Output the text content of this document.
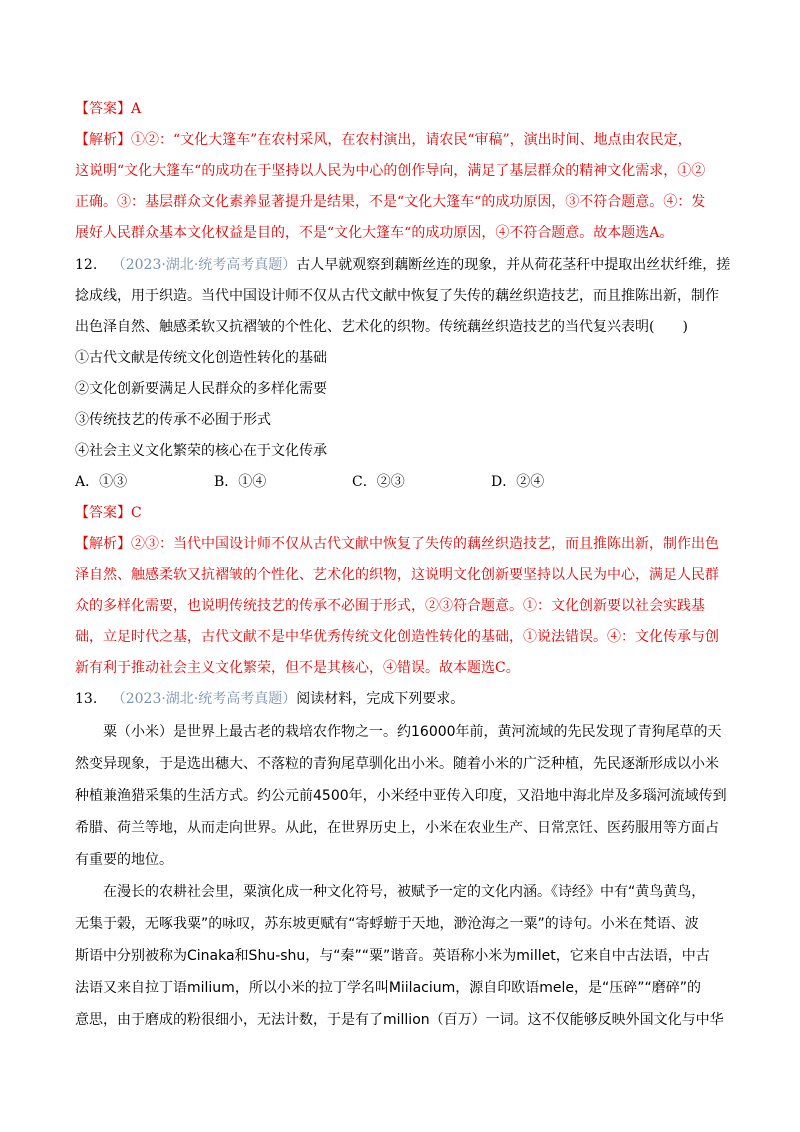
【答案】A
【解析】①②：“文化大篷车”在农村采风，在农村演出，请农民“审稿”，演出时间、地点由农民定，
这说明“文化大篷车“的成功在于坚持以人民为中心的创作导向，满足了基层群众的精神文化需求，①②
正确。③：基层群众文化素养显著提升是结果，不是“文化大篷车“的成功原因，③不符合题意。④：发
展好人民群众基本文化权益是目的，不是“文化大篷车“的成功原因，④不符合题意。故本题选A。
12. （2023·湖北·统考高考真题）古人早就观察到藕断丝连的现象，并从荷花茎秆中提取出丝状纤维，搓
捻成线，用于织造。当代中国设计师不仅从古代文献中恢复了失传的藕丝织造技艺，而且推陈出新，制作
出色泽自然、触感柔软又抗褶皱的个性化、艺术化的织物。传统藕丝织造技艺的当代复兴表明(　　)
①古代文献是传统文化创造性转化的基础
②文化创新要满足人民群众的多样化需要
③传统技艺的传承不必囿于形式
④社会主义文化繁荣的核心在于文化传承
A．①③	B．①④	C．②③	D．②④
【答案】C
【解析】②③：当代中国设计师不仅从古代文献中恢复了失传的藕丝织造技艺，而且推陈出新，制作出色
泽自然、触感柔软又抗褶皱的个性化、艺术化的织物，这说明文化创新要坚持以人民为中心，满足人民群
众的多样化需要，也说明传统技艺的传承不必囿于形式，②③符合题意。①：文化创新要以社会实践基
础，立足时代之基，古代文献不是中华优秀传统文化创造性转化的基础，①说法错误。④：文化传承与创
新有利于推动社会主义文化繁荣，但不是其核心，④错误。故本题选C。
13. （2023·湖北·统考高考真题）阅读材料，完成下列要求。
粟（小米）是世界上最古老的栽培农作物之一。约16000年前，黄河流域的先民发现了青狗尾草的天
然变异现象，于是选出穗大、不落粒的青狗尾草驯化出小米。随着小米的广泛种植，先民逐渐形成以小米
种植兼渔猎采集的生活方式。约公元前4500年，小米经中亚传入印度，又沿地中海北岸及多瑙河流域传到
希腊、荷兰等地，从而走向世界。从此，在世界历史上，小米在农业生产、日常烹饪、医药服用等方面占
有重要的地位。
在漫长的农耕社会里，粟演化成一种文化符号，被赋予一定的文化内涵。《诗经》中有“黄鸟黄鸟，
无集于榖，无啄我粟”的咏叹，苏东坡更赋有“寄蜉蝣于天地，渺沧海之一粟”的诗句。小米在梵语、波
斯语中分别被称为Cinaka和Shu-shu，与“秦”“粟”谐音。英语称小米为millet，它来自中古法语，中古
法语又来自拉丁语milium，所以小米的拉丁学名叫Miilacium，源自印欧语mele，是“压碎”“磨碎”的
意思，由于磨成的粉很细小，无法计数，于是有了million（百万）一词。这不仅能够反映外国文化与中华
